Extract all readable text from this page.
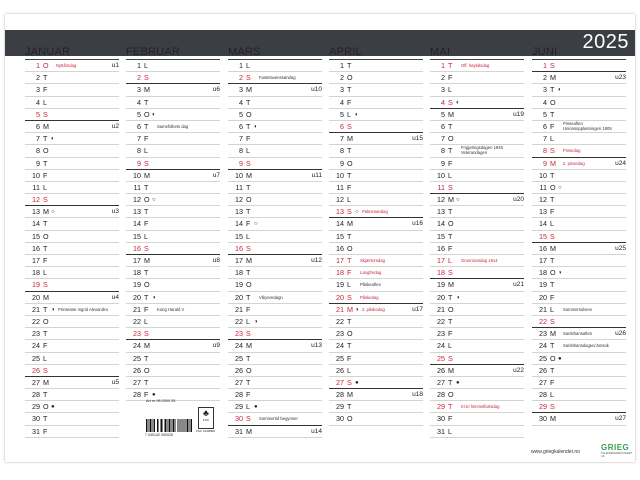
2025
JANUAR
1 O Nyttårsdag	u1
2 T
3 F
4 L
5 S
6 M	u2
7 T ◐
8 O
9 T
10 F
11 L
12 S
13 M ○	u3
14 T
15 O
16 T
17 F
18 L
19 S
20 M	u4
21 T ◑ Prinsesse Ingrid Alexandra
22 O
23 T
24 F
25 L
26 S
27 M	u5
28 T
29 O ●
30 T
31 F
FEBRUAR
1 L
2 S
3 M	u6
4 T
5 O ◐
6 T Samefolkets dag
7 F
8 L
9 S
10 M	u7
11 T
12 O ○
13 T
14 F
15 L
16 S
17 M	u8
18 T
19 O
20 T ◑
21 F Kong Harald V
22 L
23 S
24 M	u9
25 T
26 O
27 T
28 F ●
MARS
1 L
2 S Fastelavenssøndag
3 M	u10
4 T
5 O
6 T ◐
7 F
8 L
9 S
10 M	u11
11 T
12 O
13 T
14 F ○
15 L
16 S
17 M	u12
18 T
19 O
20 T Vårjevndøgn
21 F
22 L ◑
23 S
24 M	u13
25 T
26 O
27 T
28 F
29 L ●
30 S Sommertid begynner
31 M	u14
APRIL
1 T
2 O
3 T
4 F
5 L ◐
6 S
7 M	u15
8 T
9 O
10 T
11 F
12 L
13 S ○ Palmesøndag
14 M	u16
15 T
16 O
17 T Skjærtorsdag
18 F Langfredag
19 L Påskeaften
20 S Påskedag
21 M ◑ 2. påskedag	u17
22 T
23 O
24 T
25 F
26 L
27 S ●
28 M	u18
29 T
30 O
MAI
1 T Off. høytidsdag
2 F
3 L
4 S ◐
5 M	u19
6 T
7 O
8 T Frigjøringsdagen 1945 Veterandagen
9 F
10 L
11 S
12 M ○	u20
13 T
14 O
15 T
16 F
17 L Grunnlovsdag 1814
18 S
19 M	u21
20 T ◑
21 O
22 T
23 F
24 L
25 S
26 M	u22
27 T ●
28 O
29 T Kr.tri himmelfartsdag
30 F
31 L
JUNI
1 S
2 M	u23
3 T ◐
4 O
5 T
6 F Pinseaften Unionsoppløsningen 1905
7 L
8 S Pinsedag
9 M 2. pinsedag	u24
10 T
11 O ○
12 T
13 F
14 L
15 S
16 M	u25
17 T
18 O ◑
19 T
20 F
21 L Sommersolverv
22 S
23 M Sankthansaften	u26
24 T Sankthansdagen/Jonsok
25 O ●
26 T
27 F
28 L
29 S
30 M	u27
Art nr 98 2000 25
7 045142 050025
♣
FSC
FSC C108006
www.griegkalender.no	GRIEG
KALENDERVERKSTEDET AS
